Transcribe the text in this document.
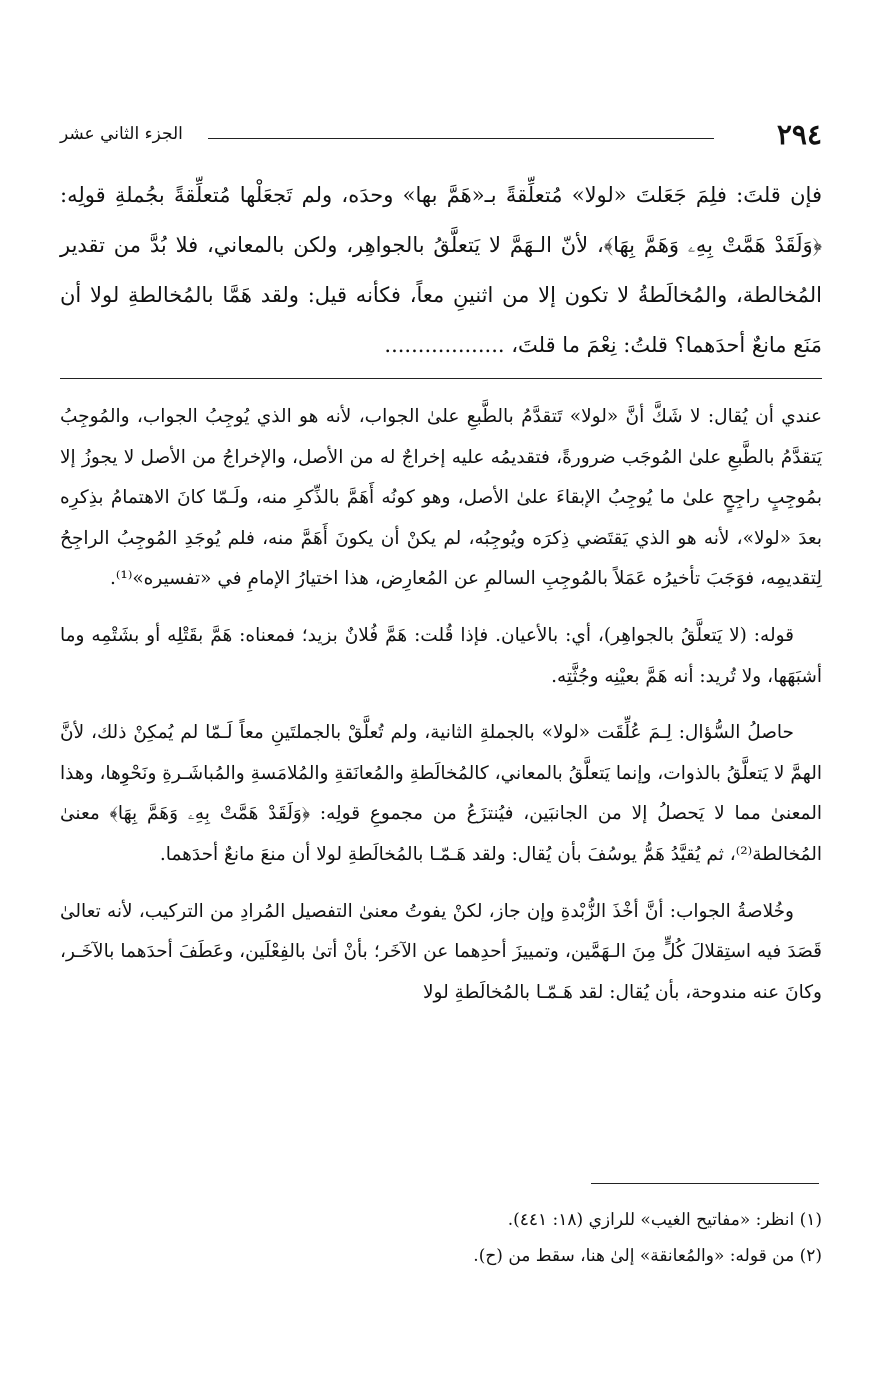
٢٩٤
الجزء الثاني عشر

فإن قلتَ: فلِمَ جَعَلتَ «لولا» مُتعلِّقةً بـ«هَمَّ بها» وحدَه، ولم تَجعَلْها مُتعلِّقةً بجُملةِ قولِه: ﴿وَلَقَدْ هَمَّتْ بِهِۦ وَهَمَّ بِهَا﴾، لأنّ الـهَمَّ لا يَتعلَّقُ بالجواهِر، ولكن بالمعاني، فلا بُدَّ من تقدير المُخالطة، والمُخالَطةُ لا تكون إلا من اثنينِ معاً، فكأنه قيل: ولقد هَمَّا بالمُخالطةِ لولا أن مَنَع مانعٌ أحدَهما؟ قلتُ: نِعْمَ ما قلتَ، ..................

عندي أن يُقال: لا شَكَّ أنَّ «لولا» تَتقدَّمُ بالطَّبعِ علىٰ الجواب، لأنه هو الذي يُوجِبُ الجواب، والمُوجِبُ يَتقدَّمُ بالطَّبعِ علىٰ المُوجَب ضرورةً، فتقديمُه عليه إخراجٌ له من الأصل، والإخراجُ من الأصل لا يجوزُ إلا بمُوجِبٍ راجِحٍ علىٰ ما يُوجِبُ الإبقاءَ علىٰ الأصل، وهو كونُه أَهَمَّ بالذِّكرِ منه، ولَـمّا كانَ الاهتمامُ بذِكرِه بعدَ «لولا»، لأنه هو الذي يَقتَضي ذِكرَه ويُوجِبُه، لم يكنْ أن يكونَ أَهَمَّ منه، فلم يُوجَدِ المُوجِبُ الراجِحُ لِتقديمِه، فوَجَبَ تأخيرُه عَمَلاً بالمُوجِبِ السالمِ عن المُعارِض، هذا اختيارُ الإمامِ في «تفسيره»⁽¹⁾.

قوله: (لا يَتعلَّقُ بالجواهِر)، أي: بالأعيان. فإذا قُلت: هَمَّ فُلانٌ بزيد؛ فمعناه: هَمَّ بقَتْلِه أو بشَتْمِه وما أشبَهَها، ولا تُريد: أنه هَمَّ بعيْنِه وجُثَّتِه.

حاصلُ السُّؤال: لِـمَ عُلِّقَت «لولا» بالجملةِ الثانية، ولم تُعلَّقْ بالجملتَينِ معاً لَـمّا لم يُمكِنْ ذلك، لأنَّ الهمَّ لا يَتعلَّقُ بالذوات، وإنما يَتعلَّقُ بالمعاني، كالمُخالَطةِ والمُعانَقةِ والمُلامَسةِ والمُباشَـرةِ ونَحْوِها، وهذا المعنىٰ مما لا يَحصلُ إلا من الجانبَين، فيُنتزَعُ من مجموعِ قولِه: ﴿وَلَقَدْ هَمَّتْ بِهِۦ وَهَمَّ بِهَا﴾ معنىٰ المُخالطة⁽²⁾، ثم يُقيَّدُ هَمُّ يوسُفَ بأن يُقال: ولقد هَـمّـا بالمُخالَطةِ لولا أن منعَ مانعٌ أحدَهما.

وخُلاصةُ الجواب: أنَّ أخْذَ الزُّبْدةِ وإن جاز، لكنْ يفوتُ معنىٰ التفصيل المُرادِ من التركيب، لأنه تعالىٰ قَصَدَ فيه استِقلالَ كُلٍّ مِنَ الـهَمَّين، وتمييزَ أحدِهما عن الآخَر؛ بأنْ أتىٰ بالفِعْلَين، وعَطَفَ أحدَهما بالآخَـر، وكانَ عنه مندوحة، بأن يُقال: لقد هَـمّـا بالمُخالَطةِ لولا

(١) انظر: «مفاتيح الغيب» للرازي (١٨: ٤٤١).

(٢) من قوله: «والمُعانقة» إلىٰ هنا، سقط من (ح).
